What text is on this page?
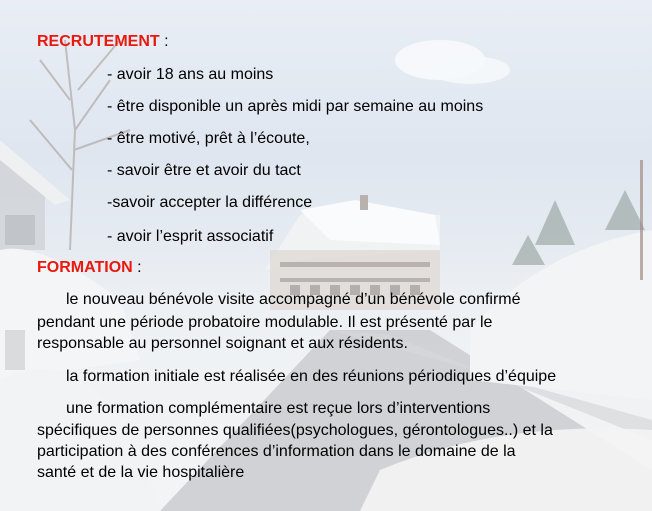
RECRUTEMENT :
- avoir 18 ans au moins
- être disponible un après midi par semaine au moins
- être motivé, prêt à l’écoute,
- savoir être et avoir du tact
-savoir accepter la différence
- avoir l’esprit associatif
FORMATION :
le nouveau bénévole visite accompagné d’un bénévole confirmé
pendant une période probatoire modulable. Il est présenté par le
responsable au personnel soignant et aux résidents.
la formation initiale est réalisée en des réunions périodiques d’équipe
une formation complémentaire est reçue lors d’interventions
spécifiques de personnes qualifiées(psychologues, gérontologues..) et la
participation à des conférences d’information dans le domaine de la
santé et de la vie hospitalière
